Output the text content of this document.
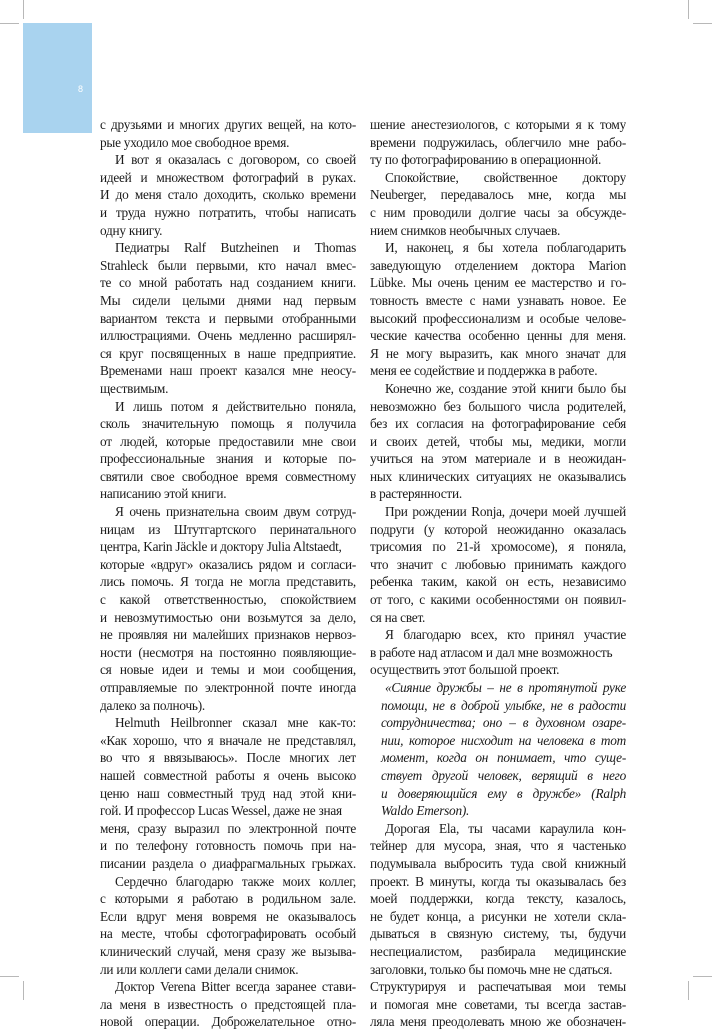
8
с друзьями и многих других вещей, на кото-
рые уходило мое свободное время.
И вот я оказалась с договором, со своей
идеей и множеством фотографий в руках.
И до меня стало доходить, сколько времени
и труда нужно потратить, чтобы написать
одну книгу.
Педиатры Ralf Butzheinen и Thomas
Strahleck были первыми, кто начал вмес-
те со мной работать над созданием книги.
Мы сидели целыми днями над первым
вариантом текста и первыми отобранными
иллюстрациями. Очень медленно расширял-
ся круг посвященных в наше предприятие.
Временами наш проект казался мне неосу-
ществимым.
И лишь потом я действительно поняла,
сколь значительную помощь я получила
от людей, которые предоставили мне свои
профессиональные знания и которые по-
святили свое свободное время совместному
написанию этой книги.
Я очень признательна своим двум сотруд-
ницам из Штутгартского перинатального
центра, Karin Jäckle и доктору Julia Altstaedt,
которые «вдруг» оказались рядом и согласи-
лись помочь. Я тогда не могла представить,
с какой ответственностью, спокойствием
и невозмутимостью они возьмутся за дело,
не проявляя ни малейших признаков нервоз-
ности (несмотря на постоянно появляющие-
ся новые идеи и темы и мои сообщения,
отправляемые по электронной почте иногда
далеко за полночь).
Helmuth Heilbronner сказал мне как-то:
«Как хорошо, что я вначале не представлял,
во что я ввязываюсь». После многих лет
нашей совместной работы я очень высоко
ценю наш совместный труд над этой кни-
гой. И профессор Lucas Wessel, даже не зная
меня, сразу выразил по электронной почте
и по телефону готовность помочь при на-
писании раздела о диафрагмальных грыжах.
Сердечно благодарю также моих коллег,
с которыми я работаю в родильном зале.
Если вдруг меня вовремя не оказывалось
на месте, чтобы сфотографировать особый
клинический случай, меня сразу же вызыва-
ли или коллеги сами делали снимок.
Доктор Verena Bitter всегда заранее стави-
ла меня в известность о предстоящей пла-
новой операции. Доброжелательное отно-
шение анестезиологов, с которыми я к тому
времени подружилась, облегчило мне рабо-
ту по фотографированию в операционной.
Спокойствие, свойственное доктору
Neuberger, передавалось мне, когда мы
с ним проводили долгие часы за обсужде-
нием снимков необычных случаев.
И, наконец, я бы хотела поблагодарить
заведующую отделением доктора Marion
Lübke. Мы очень ценим ее мастерство и го-
товность вместе с нами узнавать новое. Ее
высокий профессионализм и особые челове-
ческие качества особенно ценны для меня.
Я не могу выразить, как много значат для
меня ее содействие и поддержка в работе.
Конечно же, создание этой книги было бы
невозможно без большого числа родителей,
без их согласия на фотографирование себя
и своих детей, чтобы мы, медики, могли
учиться на этом материале и в неожидан-
ных клинических ситуациях не оказывались
в растерянности.
При рождении Ronja, дочери моей лучшей
подруги (у которой неожиданно оказалась
трисомия по 21-й хромосоме), я поняла,
что значит с любовью принимать каждого
ребенка таким, какой он есть, независимо
от того, с какими особенностями он появил-
ся на свет.
Я благодарю всех, кто принял участие
в работе над атласом и дал мне возможность
осуществить этот большой проект.
«Сияние дружбы – не в протянутой руке
помощи, не в доброй улыбке, не в радости
сотрудничества; оно – в духовном озаре-
нии, которое нисходит на человека в тот
момент, когда он понимает, что суще-
ствует другой человек, верящий в него
и доверяющийся ему в дружбе» (Ralph
Waldo Emerson).
Дорогая Ela, ты часами караулила кон-
тейнер для мусора, зная, что я частенько
подумывала выбросить туда свой книжный
проект. В минуты, когда ты оказывалась без
моей поддержки, когда тексту, казалось,
не будет конца, а рисунки не хотели скла-
дываться в связную систему, ты, будучи
неспециалистом, разбирала медицинские
заголовки, только бы помочь мне не сдаться.
Структурируя и распечатывая мои темы
и помогая мне советами, ты всегда застав-
ляла меня преодолевать мною же обозначен-
